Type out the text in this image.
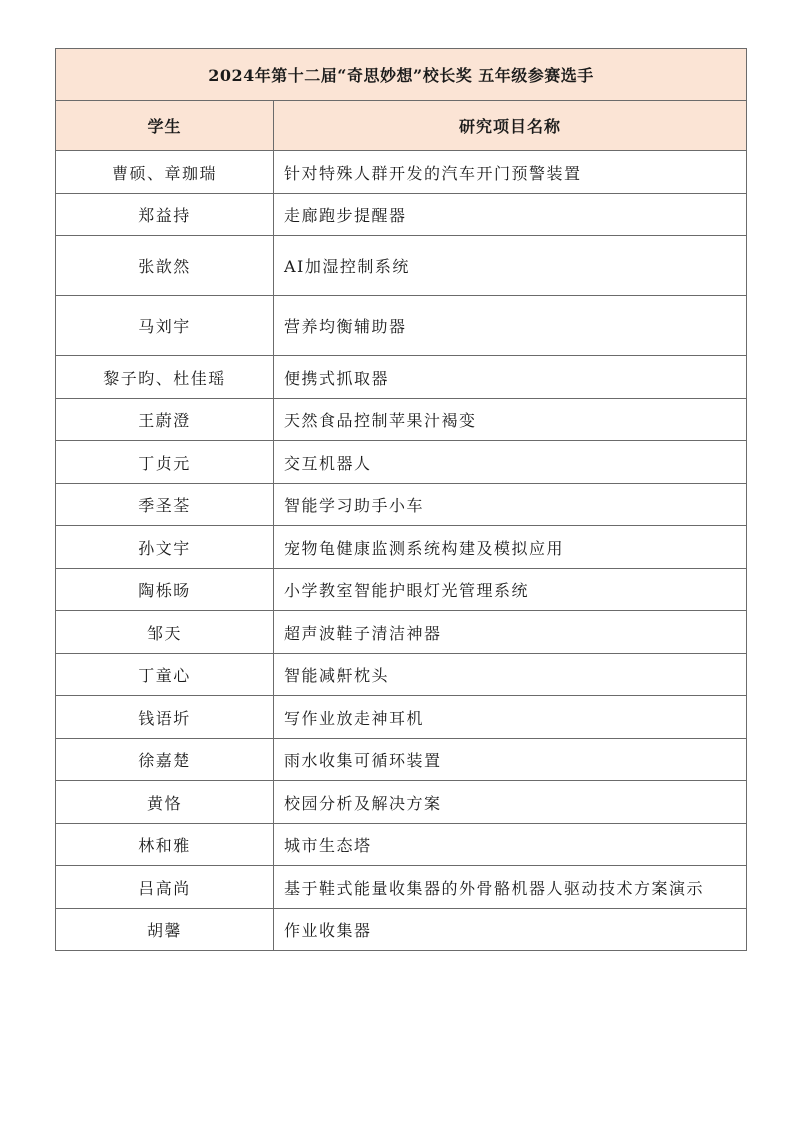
2024年第十二届“奇思妙想”校长奖 五年级参赛选手	
学生	研究项目名称
曹硕、章珈瑞	针对特殊人群开发的汽车开门预警装置
郑益持	走廊跑步提醒器
张歆然	AI加湿控制系统
马刘宇	营养均衡辅助器
黎子昀、杜佳瑶	便携式抓取器
王蔚澄	天然食品控制苹果汁褐变
丁贞元	交互机器人
季圣荃	智能学习助手小车
孙文宇	宠物龟健康监测系统构建及模拟应用
陶栎旸	小学教室智能护眼灯光管理系统
邹天	超声波鞋子清洁神器
丁童心	智能减鼾枕头
钱语圻	写作业放走神耳机
徐嘉楚	雨水收集可循环装置
黄恪	校园分析及解决方案
林和雅	城市生态塔
吕高尚	基于鞋式能量收集器的外骨骼机器人驱动技术方案演示
胡馨	作业收集器
